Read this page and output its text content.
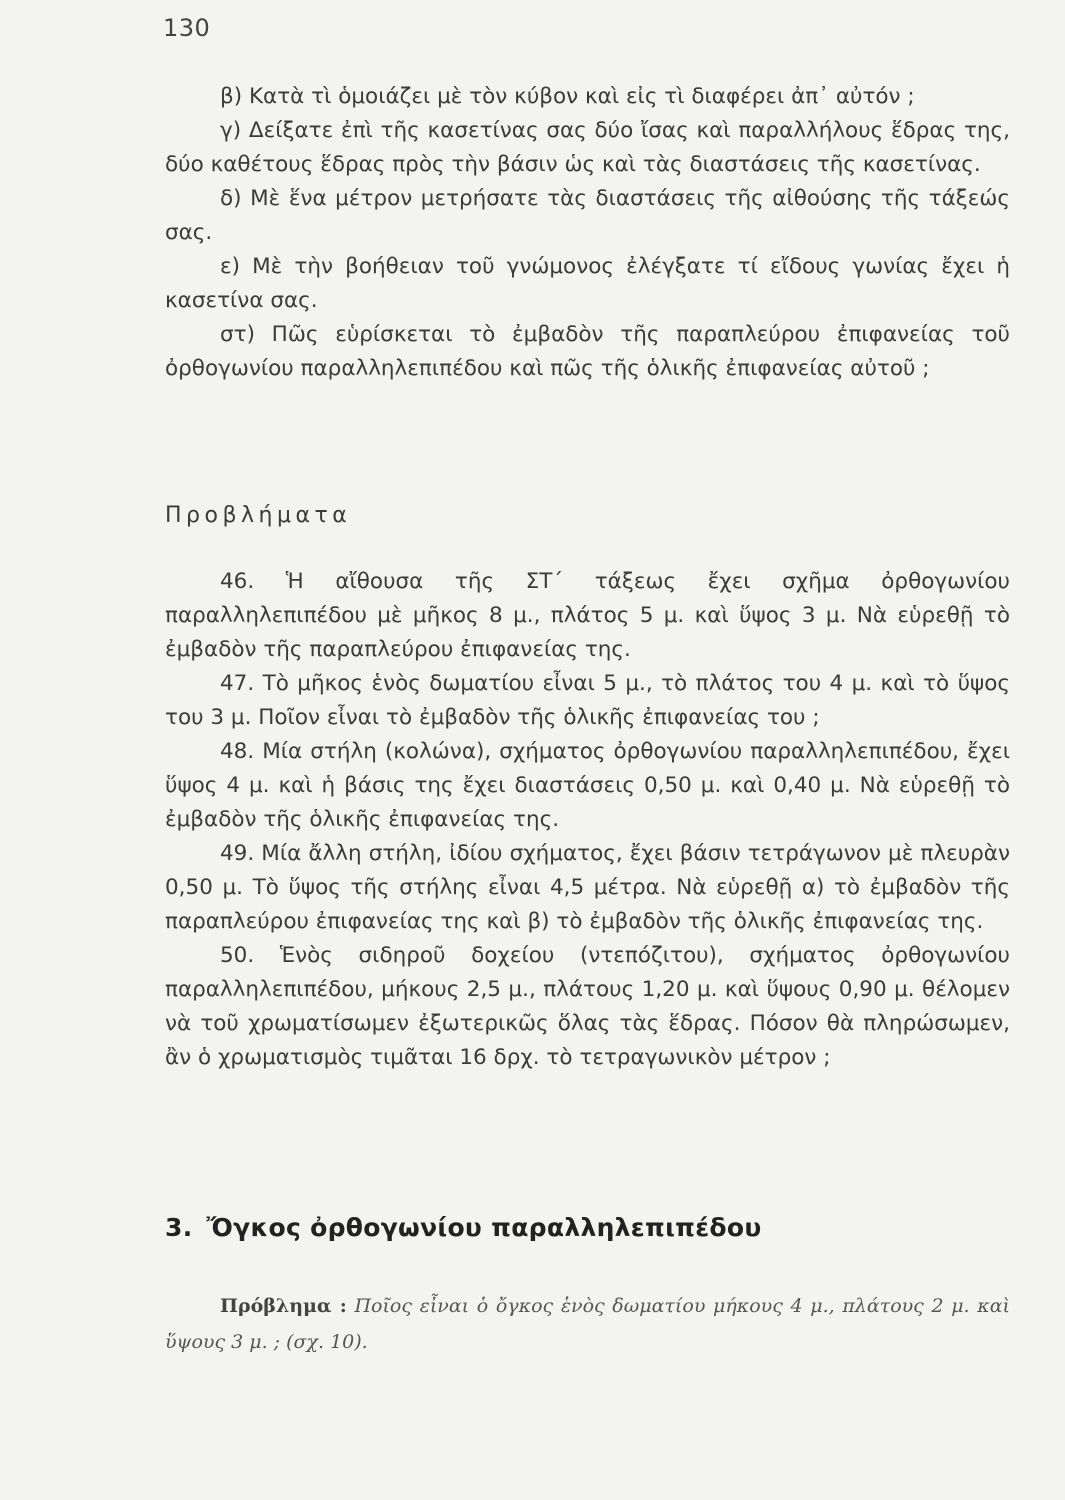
130

β) Κατὰ τὶ ὁμοιάζει μὲ τὸν κύβον καὶ εἰς τὶ διαφέρει ἀπ᾽ αὐτόν ;

γ) Δείξατε ἐπὶ τῆς κασετίνας σας δύο ἴσας καὶ παραλλήλους ἕδρας της, δύο καθέτους ἕδρας πρὸς τὴν βάσιν ὡς καὶ τὰς διαστάσεις τῆς κασετίνας.

δ) Μὲ ἕνα μέτρον μετρήσατε τὰς διαστάσεις τῆς αἰθούσης τῆς τάξεώς σας.

ε) Μὲ τὴν βοήθειαν τοῦ γνώμονος ἐλέγξατε τί εἴδους γωνίας ἔχει ἡ κασετίνα σας.

στ) Πῶς εὑρίσκεται τὸ ἐμβαδὸν τῆς παραπλεύρου ἐπιφανείας τοῦ ὀρθογωνίου παραλληλεπιπέδου καὶ πῶς τῆς ὁλικῆς ἐπιφανείας αὐτοῦ ;

Προβλήματα

46. Ἡ αἴθουσα τῆς ΣΤ΄ τάξεως ἔχει σχῆμα ὀρθογωνίου παραλληλεπιπέδου μὲ μῆκος 8 μ., πλάτος 5 μ. καὶ ὕψος 3 μ. Νὰ εὑρεθῇ τὸ ἐμβαδὸν τῆς παραπλεύρου ἐπιφανείας της.

47. Τὸ μῆκος ἑνὸς δωματίου εἶναι 5 μ., τὸ πλάτος του 4 μ. καὶ τὸ ὕψος του 3 μ. Ποῖον εἶναι τὸ ἐμβαδὸν τῆς ὁλικῆς ἐπιφανείας του ;

48. Μία στήλη (κολώνα), σχήματος ὀρθογωνίου παραλληλεπιπέδου, ἔχει ὕψος 4 μ. καὶ ἡ βάσις της ἔχει διαστάσεις 0,50 μ. καὶ 0,40 μ. Νὰ εὑρεθῇ τὸ ἐμβαδὸν τῆς ὁλικῆς ἐπιφανείας της.

49. Μία ἄλλη στήλη, ἰδίου σχήματος, ἔχει βάσιν τετράγωνον μὲ πλευρὰν 0,50 μ. Τὸ ὕψος τῆς στήλης εἶναι 4,5 μέτρα. Νὰ εὑρεθῇ α) τὸ ἐμβαδὸν τῆς παραπλεύρου ἐπιφανείας της καὶ β) τὸ ἐμβαδὸν τῆς ὁλικῆς ἐπιφανείας της.

50. Ἑνὸς σιδηροῦ δοχείου (ντεπόζιτου), σχήματος ὀρθογωνίου παραλληλεπιπέδου, μήκους 2,5 μ., πλάτους 1,20 μ. καὶ ὕψους 0,90 μ. θέλομεν νὰ τοῦ χρωματίσωμεν ἐξωτερικῶς ὅλας τὰς ἕδρας. Πόσον θὰ πληρώσωμεν, ἂν ὁ χρωματισμὸς τιμᾶται 16 δρχ. τὸ τετραγωνικὸν μέτρον ;

3. Ὄγκος ὀρθογωνίου παραλληλεπιπέδου
Πρόβλημα : Ποῖος εἶναι ὁ ὄγκος ἑνὸς δωματίου μήκους 4 μ., πλάτους 2 μ. καὶ ὕψους 3 μ. ; (σχ. 10).
